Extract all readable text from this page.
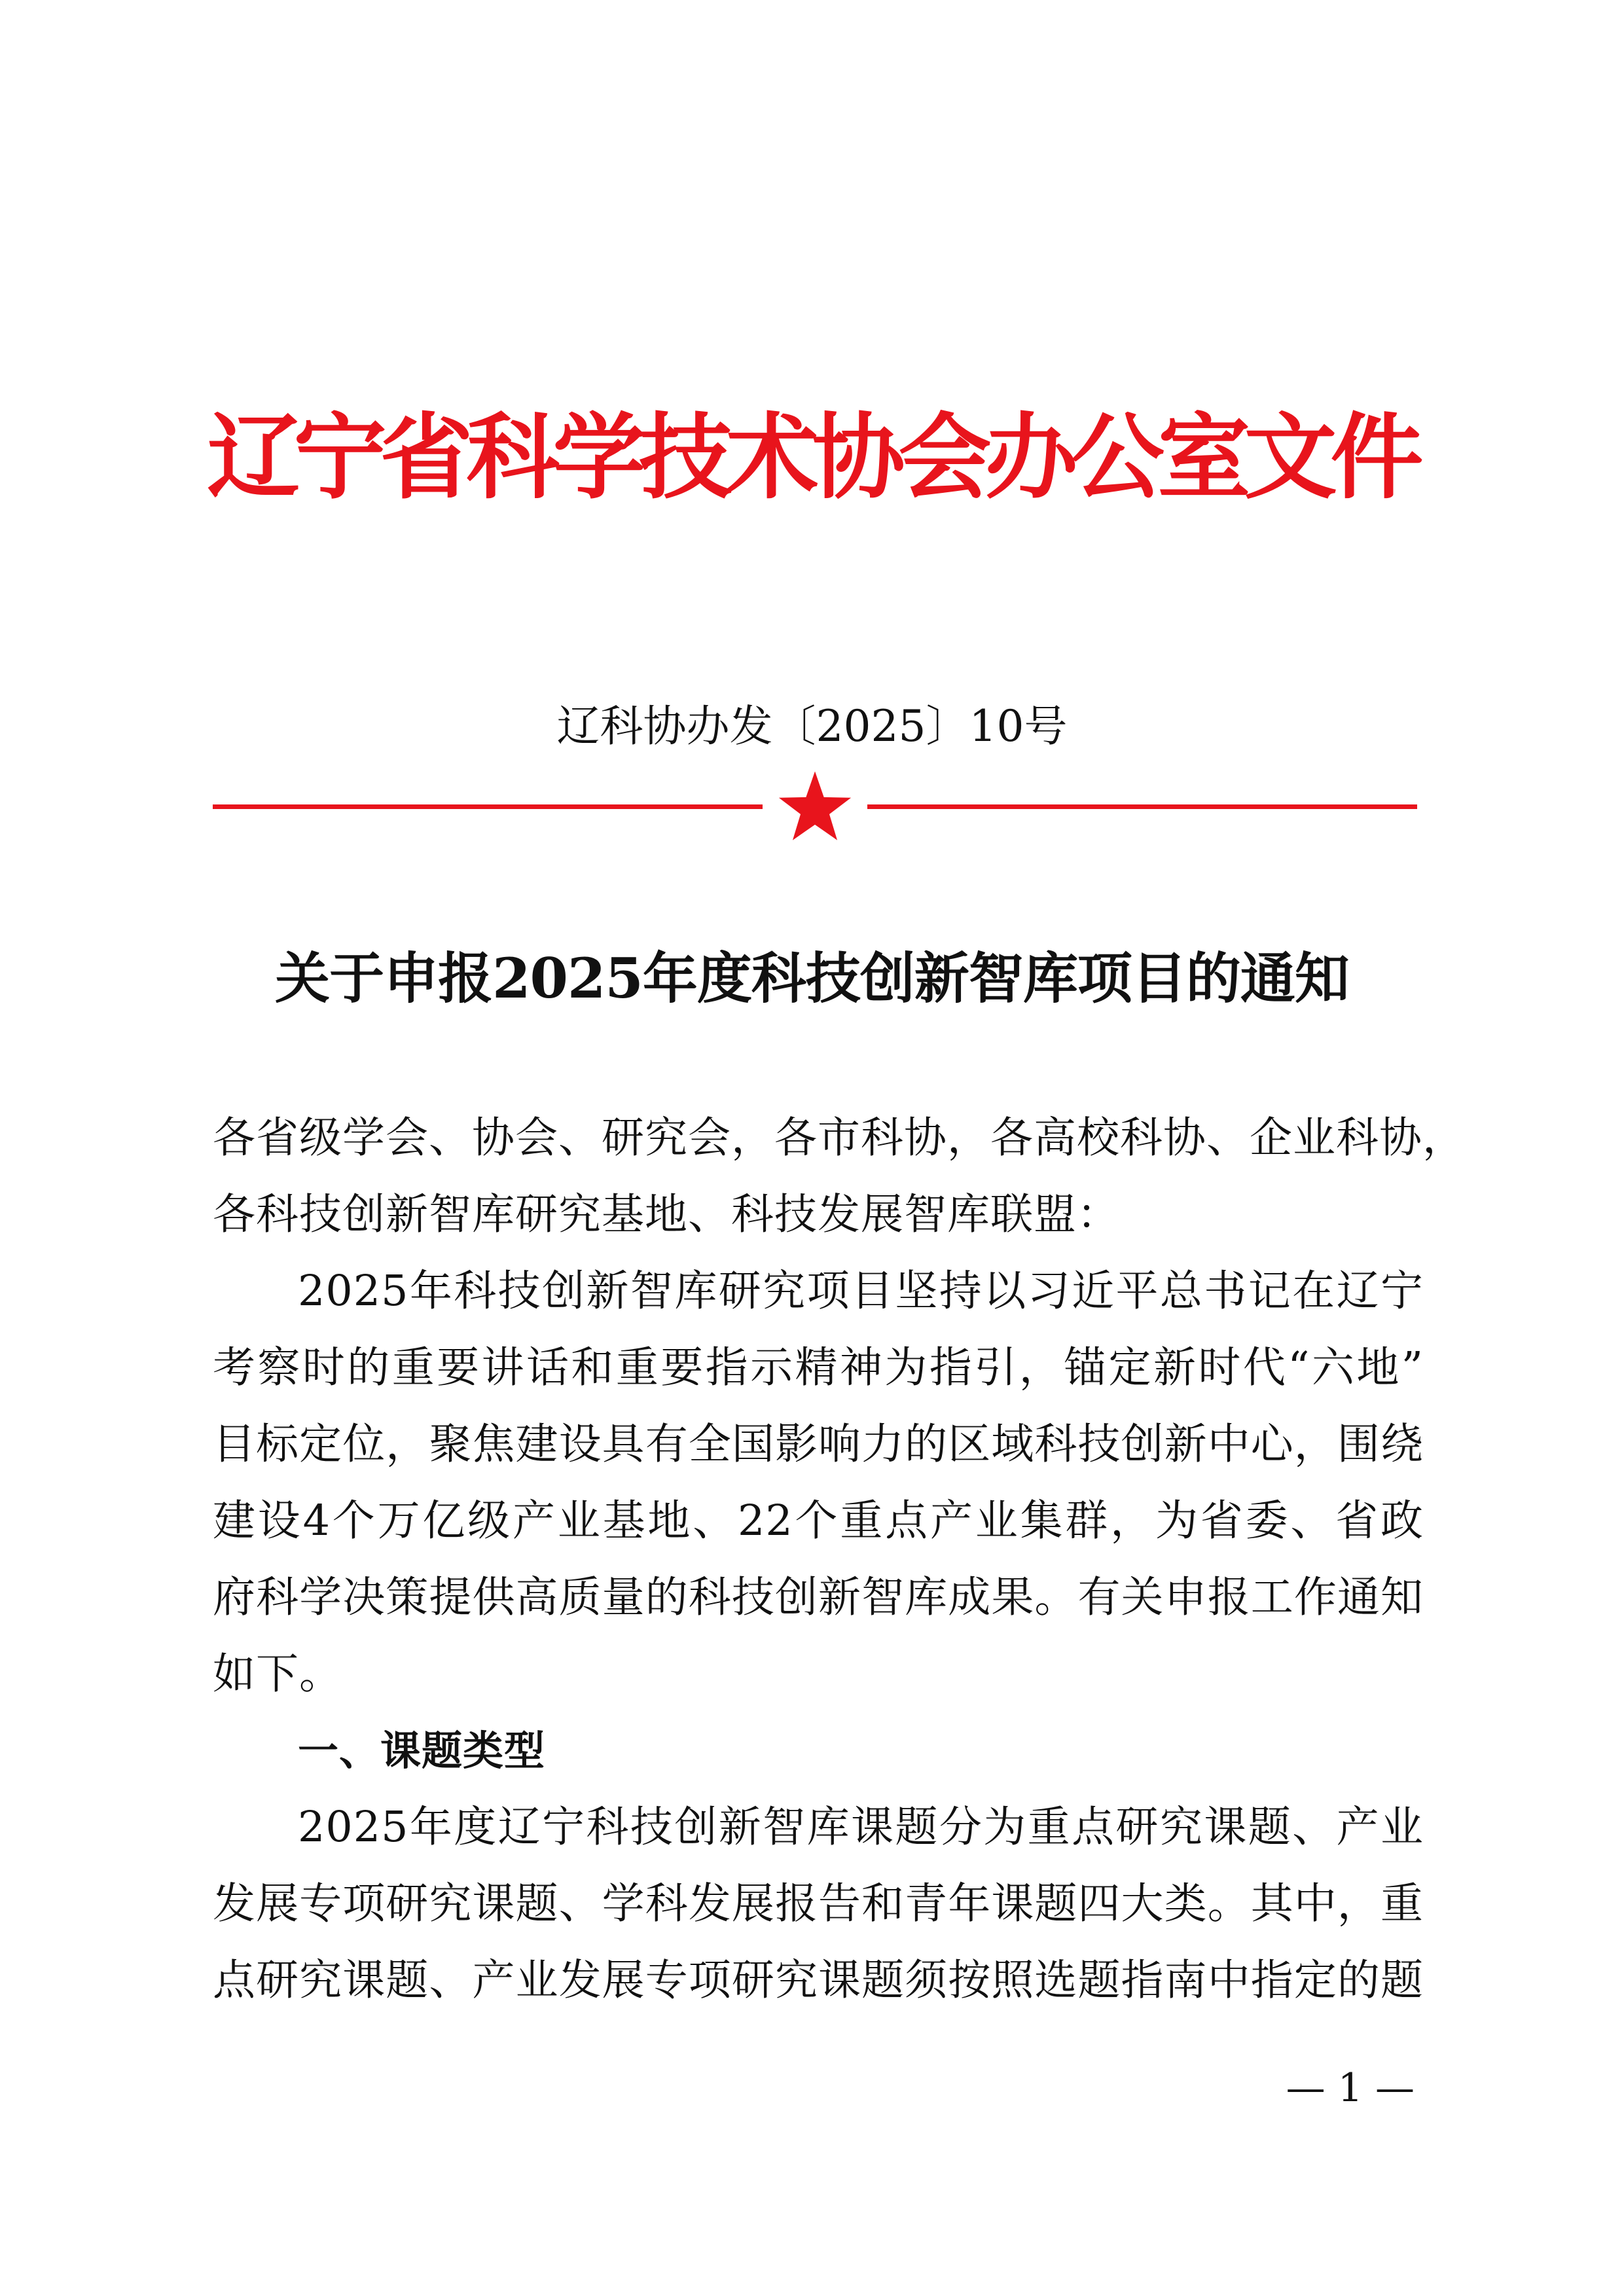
辽宁省科学技术协会办公室文件
辽科协办发〔2025〕10号
关于申报2025年度科技创新智库项目的通知
各省级学会、协会、研究会，各市科协，各高校科协、企业科协，
各科技创新智库研究基地、科技发展智库联盟：
2025年科技创新智库研究项目坚持以习近平总书记在辽宁
考察时的重要讲话和重要指示精神为指引，锚定新时代“六地”
目标定位，聚焦建设具有全国影响力的区域科技创新中心，围绕
建设4个万亿级产业基地、22个重点产业集群，为省委、省政
府科学决策提供高质量的科技创新智库成果。有关申报工作通知
如下。
一、课题类型
2025年度辽宁科技创新智库课题分为重点研究课题、产业
发展专项研究课题、学科发展报告和青年课题四大类。其中，重
点研究课题、产业发展专项研究课题须按照选题指南中指定的题
— 1 —
